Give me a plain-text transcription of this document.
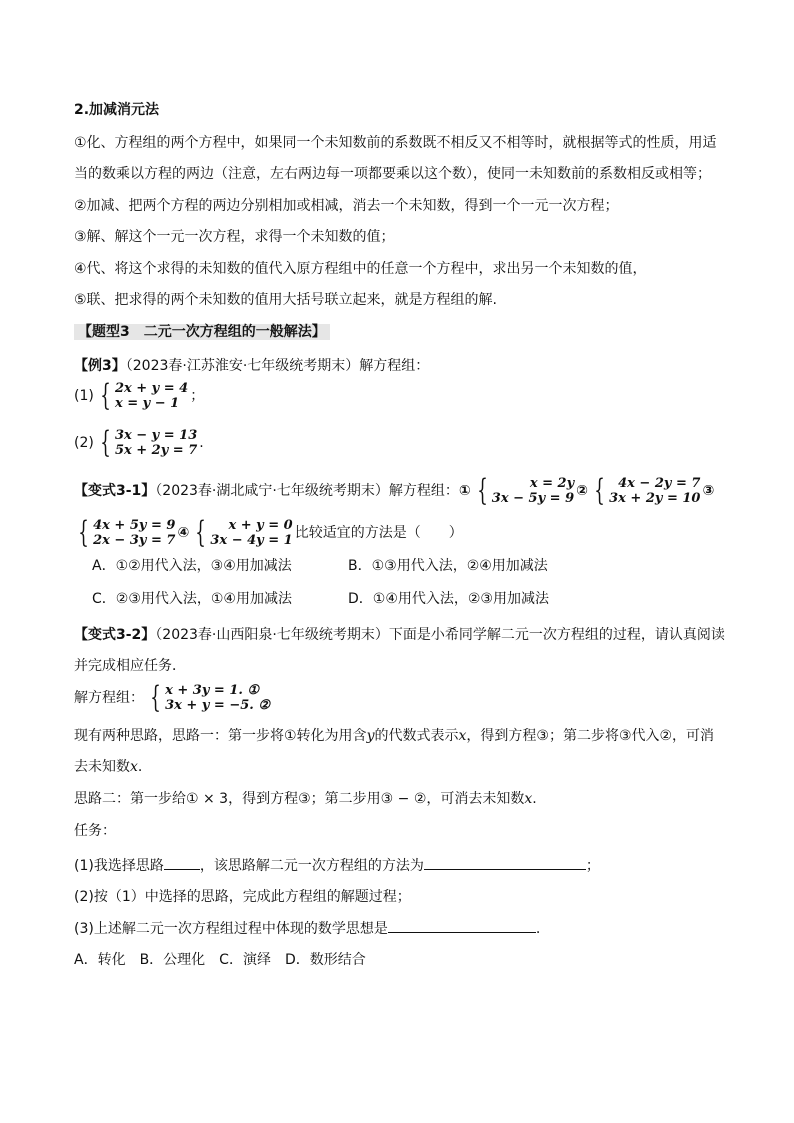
2.加减消元法
①化、方程组的两个方程中，如果同一个未知数前的系数既不相反又不相等时，就根据等式的性质，用适
当的数乘以方程的两边（注意，左右两边每一项都要乘以这个数），使同一未知数前的系数相反或相等；
②加减、把两个方程的两边分别相加或相减，消去一个未知数，得到一个一元一次方程；
③解、解这个一元一次方程，求得一个未知数的值；
④代、将这个求得的未知数的值代入原方程组中的任意一个方程中，求出另一个未知数的值，
⑤联、把求得的两个未知数的值用大括号联立起来，就是方程组的解.
【题型3　二元一次方程组的一般解法】
【例3】（2023春·江苏淮安·七年级统考期末）解方程组：
(1) { 2x + y = 4
x = y − 1 ；
(2) { 3x − y = 13
5x + 2y = 7 .
【变式3-1】（2023春·湖北咸宁·七年级统考期末）解方程组：① {	x = 2y
3x − 5y = 9 ② {	4x − 2y = 7
3x + 2y = 10 ③
{ 4x + 5y = 9
2x − 3y = 7 ④ {	x + y = 0
3x − 4y = 1 比较适宜的方法是（　　）
A．①②用代入法，③④用加减法	B．①③用代入法，②④用加减法
C．②③用代入法，①④用加减法	D．①④用代入法，②③用加减法
【变式3-2】（2023春·山西阳泉·七年级统考期末）下面是小希同学解二元一次方程组的过程，请认真阅读
并完成相应任务．
解方程组： { x + 3y = 1. ①
3x + y = −5. ②
现有两种思路，思路一：第一步将①转化为用含y的代数式表示x，得到方程③；第二步将③代入②，可消
去未知数x.
思路二：第一步给① × 3，得到方程③；第二步用③ − ②，可消去未知数x.
任务：
(1)我选择思路	，该思路解二元一次方程组的方法为	；
(2)按（1）中选择的思路，完成此方程组的解题过程；
(3)上述解二元一次方程组过程中体现的数学思想是	.
A．转化　B．公理化　C．演绎　D．数形结合
